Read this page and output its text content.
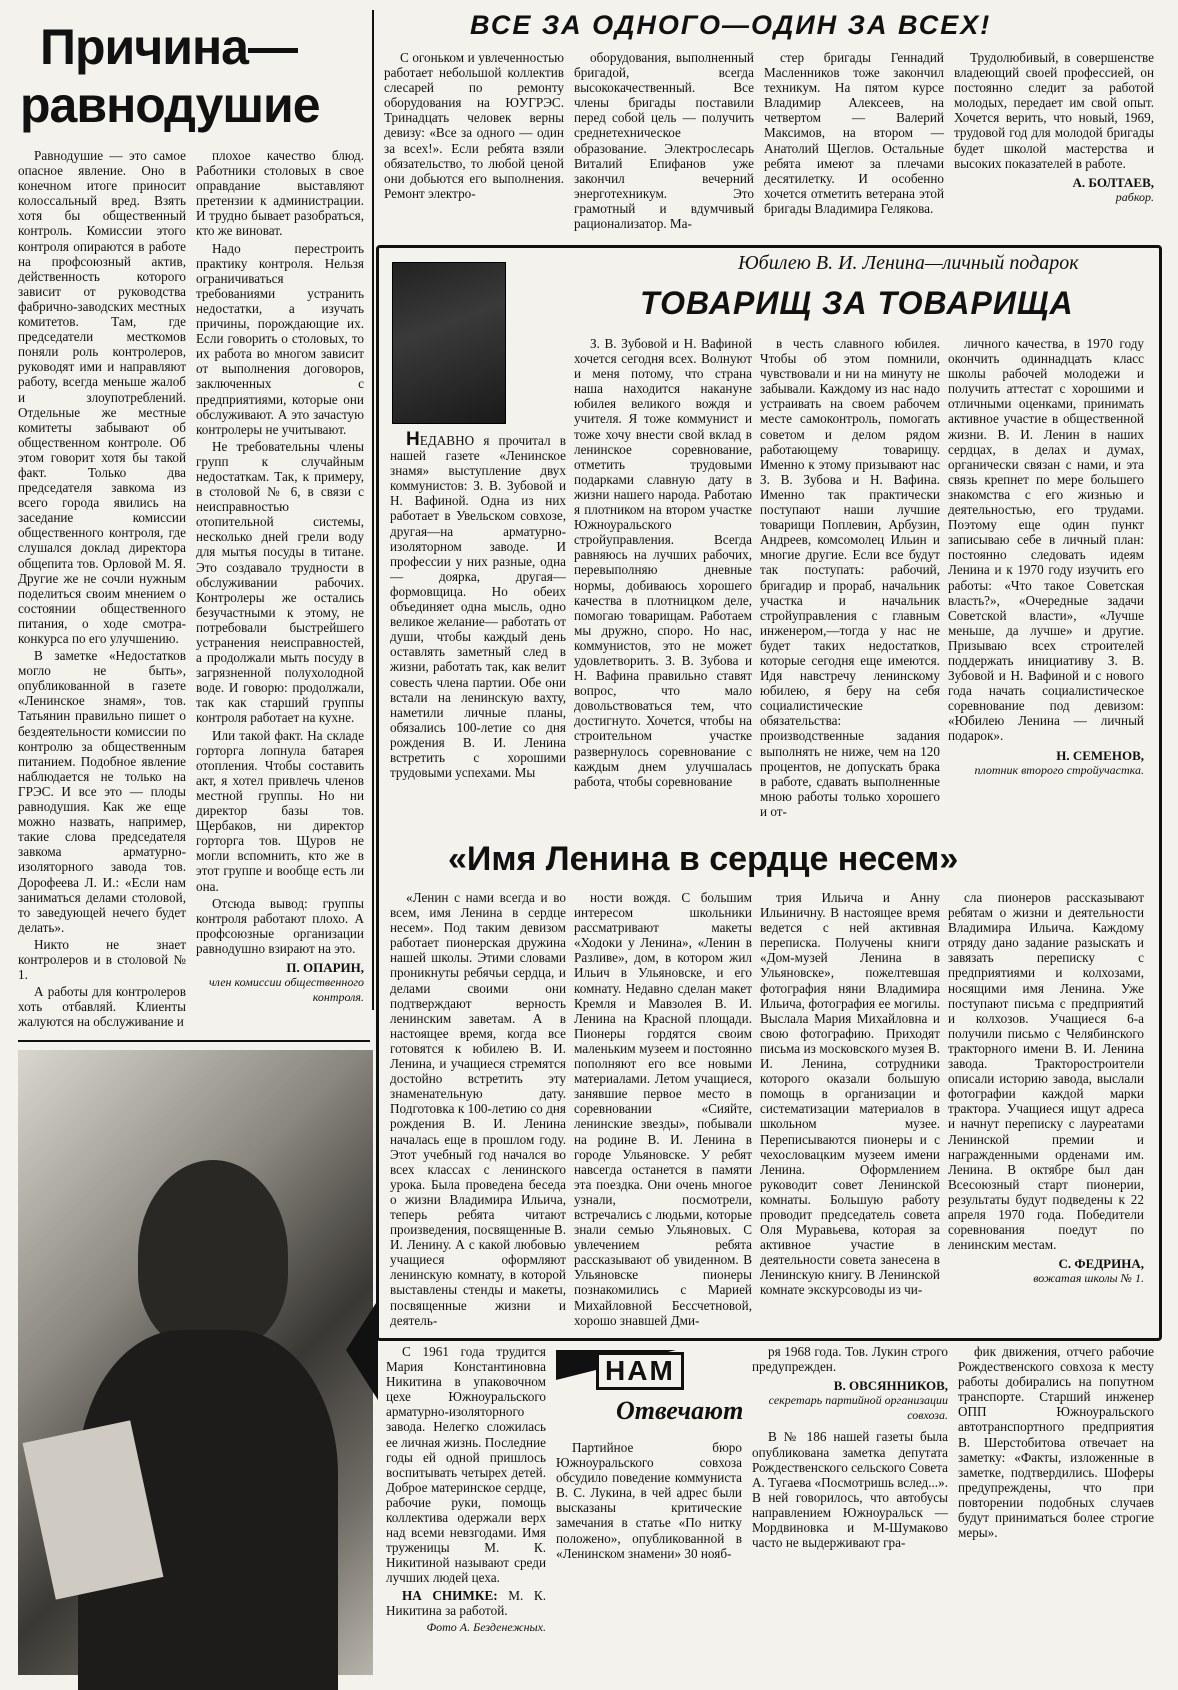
Причина—
равнодушие

Равнодушие — это самое опасное явление. Оно в конечном итоге приносит колоссальный вред. Взять хотя бы общественный контроль. Комиссии этого контроля опираются в работе на профсоюзный актив, действенность которого зависит от руководства фабрично-заводских местных комитетов. Там, где председатели месткомов поняли роль контролеров, руководят ими и направляют работу, всегда меньше жалоб и злоупотреблений. Отдельные же местные комитеты забывают об общественном контроле. Об этом говорит хотя бы такой факт. Только два председателя завкома из всего города явились на заседание комиссии общественного контроля, где слушался доклад директора общепита тов. Орловой М. Я. Другие же не сочли нужным поделиться своим мнением о состоянии общественного питания, о ходе смотра-конкурса по его улучшению.

В заметке «Недостатков могло не быть», опубликованной в газете «Ленинское знамя», тов. Татьянин правильно пишет о бездеятельности комиссии по контролю за общественным питанием. Подобное явление наблюдается не только на ГРЭС. И все это — плоды равнодушия. Как же еще можно назвать, например, такие слова председателя завкома арматурно-изоляторного завода тов. Дорофеева Л. И.: «Если нам заниматься делами столовой, то заведующей нечего будет делать».

Никто не знает контролеров и в столовой № 1.

А работы для контролеров хоть отбавляй. Клиенты жалуются на обслуживание и

плохое качество блюд. Работники столовых в свое оправдание выставляют претензии к администрации. И трудно бывает разобраться, кто же виноват.

Надо перестроить практику контроля. Нельзя ограничиваться требованиями устранить недостатки, а изучать причины, порождающие их. Если говорить о столовых, то их работа во многом зависит от выполнения договоров, заключенных с предприятиями, которые они обслуживают. А это зачастую контролеры не учитывают.

Не требовательны члены групп к случайным недостаткам. Так, к примеру, в столовой № 6, в связи с неисправностью отопительной системы, несколько дней грели воду для мытья посуды в титане. Это создавало трудности в обслуживании рабочих. Контролеры же остались безучастными к этому, не потребовали быстрейшего устранения неисправностей, а продолжали мыть посуду в загрязненной полухолодной воде. И говорю: продолжали, так как старший группы контроля работает на кухне.

Или такой факт. На складе горторга лопнула батарея отопления. Чтобы составить акт, я хотел привлечь членов местной группы. Но ни директор базы тов. Щербаков, ни директор горторга тов. Щуров не могли вспомнить, кто же в этот группе и вообще есть ли она.

Отсюда вывод: группы контроля работают плохо. А профсоюзные организации равнодушно взирают на это.

П. ОПАРИН,
член комиссии общественного контроля.
ВСЕ ЗА ОДНОГО—ОДИН ЗА ВСЕХ!

С огоньком и увлеченностью работает небольшой коллектив слесарей по ремонту оборудования на ЮУГРЭС. Тринадцать человек верны девизу: «Все за одного — один за всех!». Если ребята взяли обязательство, то любой ценой они добьются его выполнения. Ремонт электро-

оборудования, выполненный бригадой, всегда высококачественный. Все члены бригады поставили перед собой цель — получить среднетехническое образование. Электрослесарь Виталий Епифанов уже закончил вечерний энерготехникум. Это грамотный и вдумчивый рационализатор. Ма-

стер бригады Геннадий Масленников тоже закончил техникум. На пятом курсе Владимир Алексеев, на четвертом — Валерий Максимов, на втором — Анатолий Щеглов. Остальные ребята имеют за плечами десятилетку. И особенно хочется отметить ветерана этой бригады Владимира Гелякова.

Трудолюбивый, в совершенстве владеющий своей профессией, он постоянно следит за работой молодых, передает им свой опыт. Хочется верить, что новый, 1969, трудовой год для молодой бригады будет школой мастерства и высоких показателей в работе.

А. БОЛТАЕВ,
рабкор.
Юбилею В. И. Ленина—личный подарок
ТОВАРИЩ ЗА ТОВАРИЩА

НЕДАВНО я прочитал в нашей газете «Ленинское знамя» выступление двух коммунистов: З. В. Зубовой и Н. Вафиной. Одна из них работает в Увельском совхозе, другая—на арматурно-изоляторном заводе. И профессии у них разные, одна — доярка, другая— формовщица. Но обеих объединяет одна мысль, одно великое желание— работать от души, чтобы каждый день оставлять заметный след в жизни, работать так, как велит совесть члена партии. Обе они встали на ленинскую вахту, наметили личные планы, обязались 100-летие со дня рождения В. И. Ленина встретить с хорошими трудовыми успехами. Мы

З. В. Зубовой и Н. Вафиной хочется сегодня всех. Волнуют и меня потому, что страна наша находится накануне юбилея великого вождя и учителя. Я тоже коммунист и тоже хочу внести свой вклад в ленинское соревнование, отметить трудовыми подарками славную дату в жизни нашего народа. Работаю я плотником на втором участке Южноуральского стройуправления. Всегда равняюсь на лучших рабочих, перевыполняю дневные нормы, добиваюсь хорошего качества в плотницком деле, помогаю товарищам. Работаем мы дружно, споро. Но нас, коммунистов, это не может удовлетворить. З. В. Зубова и Н. Вафина правильно ставят вопрос, что мало довольствоваться тем, что достигнуто. Хочется, чтобы на строительном участке развернулось соревнование с каждым днем улучшалась работа, чтобы соревнование

в честь славного юбилея. Чтобы об этом помнили, чувствовали и ни на минуту не забывали. Каждому из нас надо устраивать на своем рабочем месте самоконтроль, помогать советом и делом рядом работающему товарищу. Именно к этому призывают нас З. В. Зубова и Н. Вафина. Именно так практически поступают наши лучшие товарищи Поплевин, Арбузин, Андреев, комсомолец Ильин и многие другие. Если все будут так поступать: рабочий, бригадир и прораб, начальник участка и начальник стройуправления с главным инженером,—тогда у нас не будет таких недостатков, которые сегодня еще имеются. Идя навстречу ленинскому юбилею, я беру на себя социалистические обязательства: производственные задания выполнять не ниже, чем на 120 процентов, не допускать брака в работе, сдавать выполненные мною работы только хорошего и от-

личного качества, в 1970 году окончить одиннадцать класс школы рабочей молодежи и получить аттестат с хорошими и отличными оценками, принимать активное участие в общественной жизни. В. И. Ленин в наших сердцах, в делах и думах, органически связан с нами, и эта связь крепнет по мере большего знакомства с его жизнью и деятельностью, его трудами. Поэтому еще один пункт записываю себе в личный план: постоянно следовать идеям Ленина и к 1970 году изучить его работы: «Что такое Советская власть?», «Очередные задачи Советской власти», «Лучше меньше, да лучше» и другие. Призываю всех строителей поддержать инициативу З. В. Зубовой и Н. Вафиной и с нового года начать социалистическое соревнование под девизом: «Юбилею Ленина — личный подарок».

Н. СЕМЕНОВ,
плотник второго стройучастка.
«Имя Ленина в сердце несем»

«Ленин с нами всегда и во всем, имя Ленина в сердце несем». Под таким девизом работает пионерская дружина нашей школы. Этими словами проникнуты ребячьи сердца, и делами своими они подтверждают верность ленинским заветам. А в настоящее время, когда все готовятся к юбилею В. И. Ленина, и учащиеся стремятся достойно встретить эту знаменательную дату. Подготовка к 100-летию со дня рождения В. И. Ленина началась еще в прошлом году. Этот учебный год начался во всех классах с ленинского урока. Была проведена беседа о жизни Владимира Ильича, теперь ребята читают произведения, посвященные В. И. Ленину. А с какой любовью учащиеся оформляют ленинскую комнату, в которой выставлены стенды и макеты, посвященные жизни и деятель-

ности вождя. С большим интересом школьники рассматривают макеты «Ходоки у Ленина», «Ленин в Разливе», дом, в котором жил Ильич в Ульяновске, и его комнату. Недавно сделан макет Кремля и Мавзолея В. И. Ленина на Красной площади. Пионеры гордятся своим маленьким музеем и постоянно пополняют его все новыми материалами. Летом учащиеся, занявшие первое место в соревновании «Сияйте, ленинские звезды», побывали на родине В. И. Ленина в городе Ульяновске. У ребят навсегда останется в памяти эта поездка. Они очень многое узнали, посмотрели, встречались с людьми, которые знали семью Ульяновых. С увлечением ребята рассказывают об увиденном. В Ульяновске пионеры познакомились с Марией Михайловной Бессчетновой, хорошо знавшей Дми-

трия Ильича и Анну Ильиничну. В настоящее время ведется с ней активная переписка. Получены книги «Дом-музей Ленина в Ульяновске», пожелтевшая фотография няни Владимира Ильича, фотография ее могилы. Выслала Мария Михайловна и свою фотографию. Приходят письма из московского музея В. И. Ленина, сотрудники которого оказали большую помощь в организации и систематизации материалов в школьном музее. Переписываются пионеры и с чехословацким музеем имени Ленина. Оформлением руководит совет Ленинской комнаты. Большую работу проводит председатель совета Оля Муравьева, которая за активное участие в деятельности совета занесена в Ленинскую книгу. В Ленинской комнате экскурсоводы из чи-

сла пионеров рассказывают ребятам о жизни и деятельности Владимира Ильича. Каждому отряду дано задание разыскать и завязать переписку с предприятиями и колхозами, носящими имя Ленина. Уже поступают письма с предприятий и колхозов. Учащиеся 6-а получили письмо с Челябинского тракторного имени В. И. Ленина завода. Тракторостроители описали историю завода, выслали фотографии каждой марки трактора. Учащиеся ищут адреса и начнут переписку с лауреатами Ленинской премии и награжденными орденами им. Ленина. В октябре был дан Всесоюзный старт пионерии, результаты будут подведены к 22 апреля 1970 года. Победители соревнования поедут по ленинским местам.

С. ФЕДРИНА,
вожатая школы № 1.

С 1961 года трудится Мария Константиновна Никитина в упаковочном цехе Южноуральского арматурно-изоляторного завода. Нелегко сложилась ее личная жизнь. Последние годы ей одной пришлось воспитывать четырех детей. Доброе материнское сердце, рабочие руки, помощь коллектива одержали верх над всеми невзгодами. Имя труженицы М. К. Никитиной называют среди лучших людей цеха.

НА СНИМКЕ: М. К. Никитина за работой.

Фото А. Безденежных.
НАМ
Отвечают

Партийное бюро Южноуральского совхоза обсудило поведение коммуниста В. С. Лукина, в чей адрес были высказаны критические замечания в статье «По нитку положено», опубликованной в «Ленинском знамени» 30 нояб-

ря 1968 года. Тов. Лукин строго предупрежден.

В. ОВСЯННИКОВ,
секретарь партийной организации совхоза.

В № 186 нашей газеты была опубликована заметка депутата Рождественского сельского Совета А. Тугаева «Посмотришь вслед...». В ней говорилось, что автобусы направлением Южноуральск — Мордвиновка и М-Шумаково часто не выдерживают гра-

фик движения, отчего рабочие Рождественского совхоза к месту работы добирались на попутном транспорте. Старший инженер ОПП Южноуральского автотранспортного предприятия В. Шерстобитова отвечает на заметку: «Факты, изложенные в заметке, подтвердились. Шоферы предупреждены, что при повторении подобных случаев будут приниматься более строгие меры».
